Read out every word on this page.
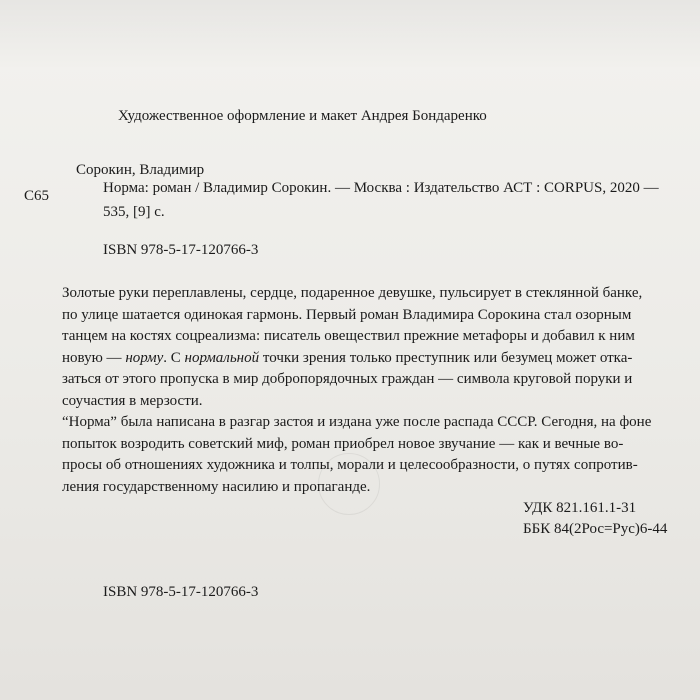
Художественное оформление и макет Андрея Бондаренко
Сорокин, Владимир
С65	Норма: роман / Владимир Сорокин. — Москва : Издательство АСТ : CORPUS, 2020 —
535, [9] с.
ISBN 978-5-17-120766-3
Золотые руки переплавлены, сердце, подаренное девушке, пульсирует в стеклянной банке,
по улице шатается одинокая гармонь. Первый роман Владимира Сорокина стал озорным
танцем на костях соцреализма: писатель овеществил прежние метафоры и добавил к ним
новую — норму. С нормальной точки зрения только преступник или безумец может отка-
заться от этого пропуска в мир добропорядочных граждан — символа круговой поруки и
соучастия в мерзости.
“Норма” была написана в разгар застоя и издана уже после распада СССР. Сегодня, на фоне
попыток возродить советский миф, роман приобрел новое звучание — как и вечные во-
просы об отношениях художника и толпы, морали и целесообразности, о путях сопротив-
ления государственному насилию и пропаганде.
УДК 821.161.1-31
ББК 84(2Рос=Рус)6-44
ISBN 978-5-17-120766-3
